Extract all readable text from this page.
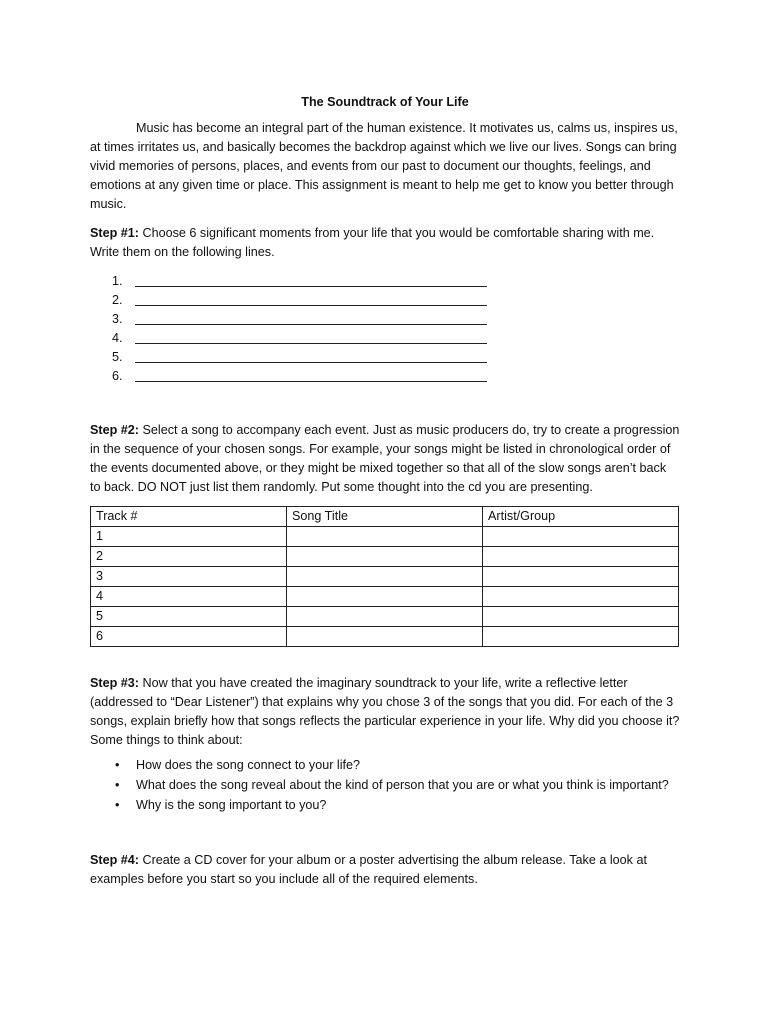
The Soundtrack of Your Life

Music has become an integral part of the human existence. It motivates us, calms us, inspires us, at times irritates us, and basically becomes the backdrop against which we live our lives. Songs can bring vivid memories of persons, places, and events from our past to document our thoughts, feelings, and emotions at any given time or place. This assignment is meant to help me get to know you better through music.

Step #1: Choose 6 significant moments from your life that you would be comfortable sharing with me. Write them on the following lines.

1.
2.
3.
4.
5.
6.

Step #2: Select a song to accompany each event. Just as music producers do, try to create a progression in the sequence of your chosen songs. For example, your songs might be listed in chronological order of the events documented above, or they might be mixed together so that all of the slow songs aren’t back to back. DO NOT just list them randomly. Put some thought into the cd you are presenting.

Track #	Song Title	Artist/Group
1		
2		
3		
4		
5		
6		

Step #3: Now that you have created the imaginary soundtrack to your life, write a reflective letter (addressed to “Dear Listener”) that explains why you chose 3 of the songs that you did. For each of the 3 songs, explain briefly how that songs reflects the particular experience in your life. Why did you choose it? Some things to think about:

• How does the song connect to your life?
• What does the song reveal about the kind of person that you are or what you think is important?
• Why is the song important to you?

Step #4: Create a CD cover for your album or a poster advertising the album release. Take a look at examples before you start so you include all of the required elements.
